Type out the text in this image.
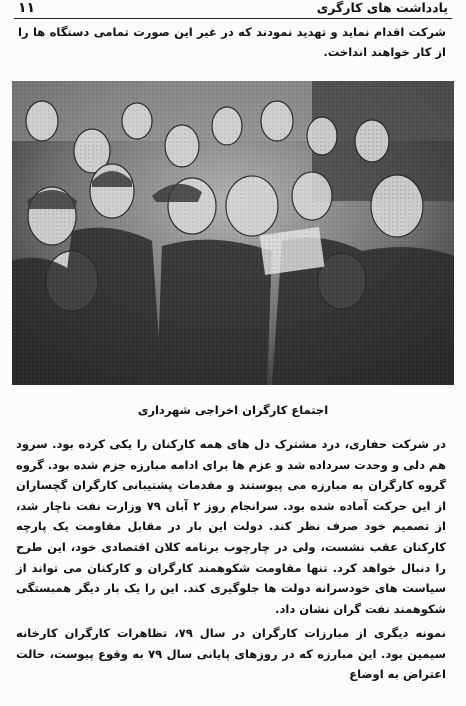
۱۱	یادداشت های کارگری
شرکت اقدام نماید و تهدید نمودند که در غیر این صورت تمامی دستگاه ها را از کار خواهند انداخت.
اجتماع کارگران اخراجی شهرداری
در شرکت حفاری، درد مشترک دل های همه کارکنان را یکی کرده بود. سرود هم دلی و وحدت سرداده شد و عزم ها برای ادامه مبارزه جزم شده بود. گروه گروه کارگران به مبارزه می پیوستند و مقدمات پشتیبانی کارگران گچساران از این حرکت آماده شده بود. سرانجام روز ۲ آبان ۷۹ وزارت نفت ناچار شد، از تصمیم خود صرف نظر کند. دولت این بار در مقابل مقاومت یک پارچه کارکنان عقب نشست، ولی در چارچوب برنامه کلان اقتصادی خود، این طرح را دنبال خواهد کرد. تنها مقاومت شکوهمند کارگران و کارکنان می تواند از سیاست های خودسرانه دولت ها جلوگیری کند. این را یک بار دیگر همبستگی شکوهمند نفت گران نشان داد.
نمونه دیگری از مبارزات کارگران در سال ۷۹، تظاهرات کارگران کارخانه سیمین بود. این مبارزه که در روزهای پایانی سال ۷۹ به وقوع پیوست، حالت اعتراض به اوضاع
